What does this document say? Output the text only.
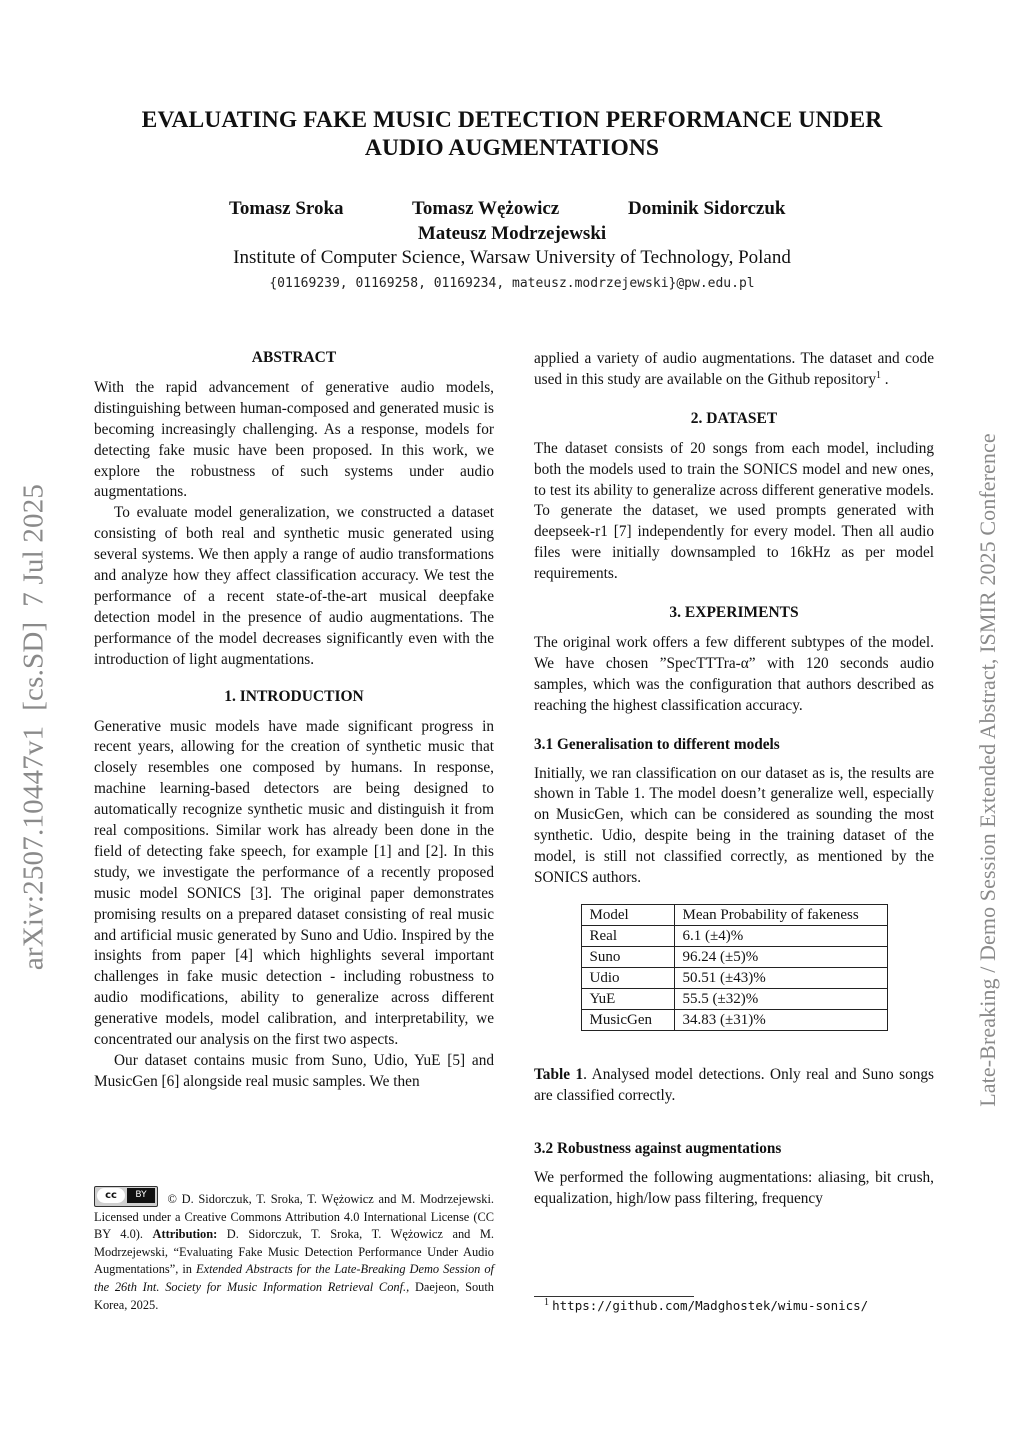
arXiv:2507.10447v1  [cs.SD]  7 Jul 2025	Late-Breaking / Demo Session Extended Abstract, ISMIR 2025 Conference
EVALUATING FAKE MUSIC DETECTION PERFORMANCE UNDER
AUDIO AUGMENTATIONS
Tomasz Sroka	Tomasz Wężowicz	Dominik Sidorczuk
Mateusz Modrzejewski
Institute of Computer Science, Warsaw University of Technology, Poland
{01169239, 01169258, 01169234, mateusz.modrzejewski}@pw.edu.pl
ABSTRACT

With the rapid advancement of generative audio models, distinguishing between human-composed and generated music is becoming increasingly challenging. As a response, models for detecting fake music have been proposed. In this work, we explore the robustness of such systems under audio augmentations.

To evaluate model generalization, we constructed a dataset consisting of both real and synthetic music generated using several systems. We then apply a range of audio transformations and analyze how they affect classification accuracy. We test the performance of a recent state-of-the-art musical deepfake detection model in the presence of audio augmentations. The performance of the model decreases significantly even with the introduction of light augmentations.

1. INTRODUCTION

Generative music models have made significant progress in recent years, allowing for the creation of synthetic music that closely resembles one composed by humans. In response, machine learning-based detectors are being designed to automatically recognize synthetic music and distinguish it from real compositions. Similar work has already been done in the field of detecting fake speech, for example [1] and [2]. In this study, we investigate the performance of a recently proposed music model SONICS [3]. The original paper demonstrates promising results on a prepared dataset consisting of real music and artificial music generated by Suno and Udio. Inspired by the insights from paper [4] which highlights several important challenges in fake music detection - including robustness to audio modifications, ability to generalize across different generative models, model calibration, and interpretability, we concentrated our analysis on the first two aspects.

Our dataset contains music from Suno, Udio, YuE [5] and MusicGen [6] alongside real music samples. We then

cc	BY	© D. Sidorczuk, T. Sroka, T. Wężowicz and M. Modrzejewski. Licensed under a Creative Commons Attribution 4.0 International License (CC BY 4.0). Attribution: D. Sidorczuk, T. Sroka, T. Wężowicz and M. Modrzejewski, “Evaluating Fake Music Detection Performance Under Audio Augmentations”, in Extended Abstracts for the Late-Breaking Demo Session of the 26th Int. Society for Music Information Retrieval Conf., Daejeon, South Korea, 2025.

applied a variety of audio augmentations. The dataset and code used in this study are available on the Github repository$^1$ .

2. DATASET

The dataset consists of 20 songs from each model, including both the models used to train the SONICS model and new ones, to test its ability to generalize across different generative models. To generate the dataset, we used prompts generated with deepseek-r1 [7] independently for every model. Then all audio files were initially downsampled to 16kHz as per model requirements.

3. EXPERIMENTS

The original work offers a few different subtypes of the model. We have chosen ”SpecTTTra-α” with 120 seconds audio samples, which was the configuration that authors described as reaching the highest classification accuracy.

3.1 Generalisation to different models

Initially, we ran classification on our dataset as is, the results are shown in Table 1. The model doesn’t generalize well, especially on MusicGen, which can be considered as sounding the most synthetic. Udio, despite being in the training dataset of the model, is still not classified correctly, as mentioned by the SONICS authors.

Model	Mean Probability of fakeness
Real	6.1 (±4)%
Suno	96.24 (±5)%
Udio	50.51 (±43)%
YuE	55.5 (±32)%
MusicGen	34.83 (±31)%

Table 1. Analysed model detections. Only real and Suno songs are classified correctly.

3.2 Robustness against augmentations

We performed the following augmentations: aliasing, bit crush, equalization, high/low pass filtering, frequency

$^1$ https://github.com/Madghostek/wimu-sonics/
